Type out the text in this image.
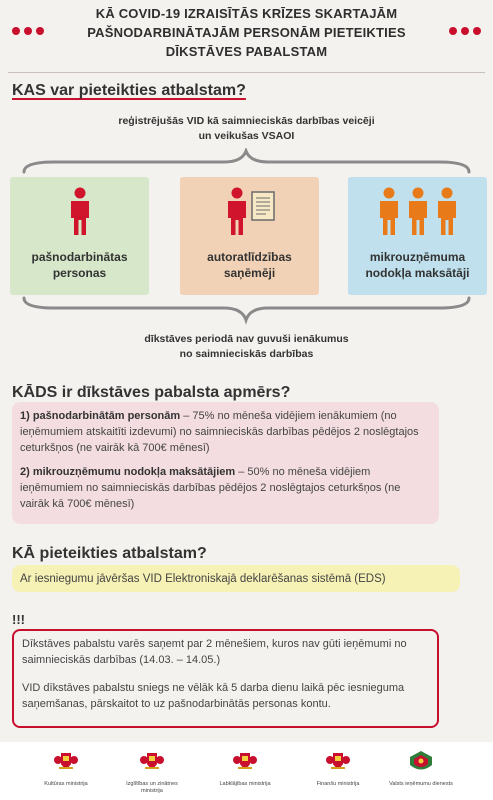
KĀ COVID-19 IZRAISĪTĀS KRĪZES SKARTAJĀM
PAŠNODARBINĀTAJĀM PERSONĀM PIETEIKTIES
DĪKSTĀVES PABALSTAM
KAS var pieteikties atbalstam?
reģistrējušās VID kā saimnieciskās darbības veicēji
un veikušas VSAOI
pašnodarbinātas
personas
autoratlīdzības
saņēmēji
mikrouzņēmuma
nodokļa maksātāji
dīkstāves periodā nav guvuši ienākumus
no saimnieciskās darbības
KĀDS ir dīkstāves pabalsta apmērs?

1) pašnodarbinātām personām – 75% no mēneša vidējiem ienākumiem (no ieņēmumiem atskaitīti izdevumi) no saimnieciskās darbības pēdējos 2 noslēgtajos ceturkšņos (ne vairāk kā 700€ mēnesī)

2) mikrouzņēmumu nodokļa maksātājiem – 50% no mēneša vidējiem ieņēmumiem no saimnieciskās darbības pēdējos 2 noslēgtajos ceturkšņos (ne vairāk kā 700€ mēnesī)

KĀ pieteikties atbalstam?

Ar iesniegumu jāvēršas VID Elektroniskajā deklarēšanas sistēmā (EDS)

!!!

Dīkstāves pabalstu varēs saņemt par 2 mēnešiem, kuros nav gūti ieņēmumi no saimnieciskās darbības (14.03. – 14.05.)

VID dīkstāves pabalstu sniegs ne vēlāk kā 5 darba dienu laikā pēc iesnieguma saņemšanas, pārskaitot to uz pašnodarbinātās personas kontu.

Kultūras ministrija	Izglītības un zinātnes ministrija
Labklājības ministrija	Finanšu ministrija	Valsts ieņēmumu dienests
